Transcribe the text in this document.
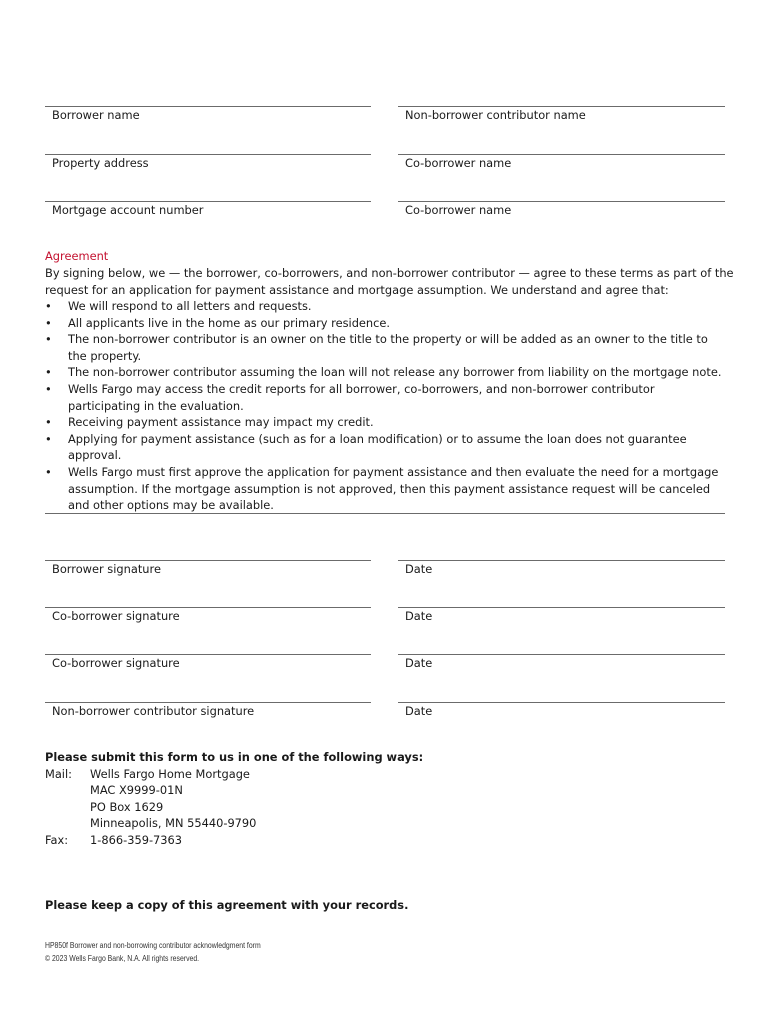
Borrower name	Non-borrower contributor name
Property address	Co-borrower name
Mortgage account number	Co-borrower name
Agreement

By signing below, we — the borrower, co-borrowers, and non-borrower contributor — agree to these terms as part of the request for an application for payment assistance and mortgage assumption. We understand and agree that:

• We will respond to all letters and requests.
• All applicants live in the home as our primary residence.
• The non-borrower contributor is an owner on the title to the property or will be added as an owner to the title to the property.
• The non-borrower contributor assuming the loan will not release any borrower from liability on the mortgage note.
• Wells Fargo may access the credit reports for all borrower, co-borrowers, and non-borrower contributor participating in the evaluation.
• Receiving payment assistance may impact my credit.
• Applying for payment assistance (such as for a loan modification) or to assume the loan does not guarantee approval.
• Wells Fargo must first approve the application for payment assistance and then evaluate the need for a mortgage assumption. If the mortgage assumption is not approved, then this payment assistance request will be canceled and other options may be available.
Borrower signature	Date
Co-borrower signature	Date
Co-borrower signature	Date
Non-borrower contributor signature	Date
Please submit this form to us in one of the following ways:
Mail:	Wells Fargo Home Mortgage
MAC X9999-01N
PO Box 1629
Minneapolis, MN 55440-9790
Fax:	1-866-359-7363
Please keep a copy of this agreement with your records.
HP850f Borrower and non-borrowing contributor acknowledgment form
© 2023 Wells Fargo Bank, N.A. All rights reserved.
